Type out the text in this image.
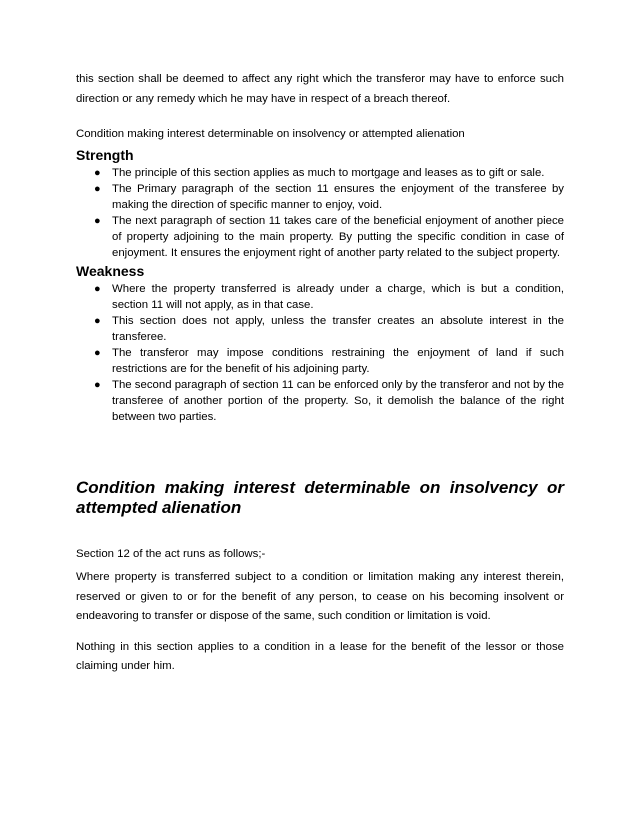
this section shall be deemed to affect any right which the transferor may have to enforce such direction or any remedy which he may have in respect of a breach thereof.

Condition making interest determinable on insolvency or attempted alienation

Strength
● The principle of this section applies as much to mortgage and leases as to gift or sale.
● The Primary paragraph of the section 11 ensures the enjoyment of the transferee by making the direction of specific manner to enjoy, void.
● The next paragraph of section 11 takes care of the beneficial enjoyment of another piece of property adjoining to the main property. By putting the specific condition in case of enjoyment. It ensures the enjoyment right of another party related to the subject property.
Weakness
● Where the property transferred is already under a charge, which is but a condition, section 11 will not apply, as in that case.
● This section does not apply, unless the transfer creates an absolute interest in the transferee.
● The transferor may impose conditions restraining the enjoyment of land if such restrictions are for the benefit of his adjoining party.
● The second paragraph of section 11 can be enforced only by the transferor and not by the transferee of another portion of the property. So, it demolish the balance of the right between two parties.
Condition making interest determinable on insolvency or attempted alienation

Section 12 of the act runs as follows;-

Where property is transferred subject to a condition or limitation making any interest therein, reserved or given to or for the benefit of any person, to cease on his becoming insolvent or endeavoring to transfer or dispose of the same, such condition or limitation is void.

Nothing in this section applies to a condition in a lease for the benefit of the lessor or those claiming under him.
